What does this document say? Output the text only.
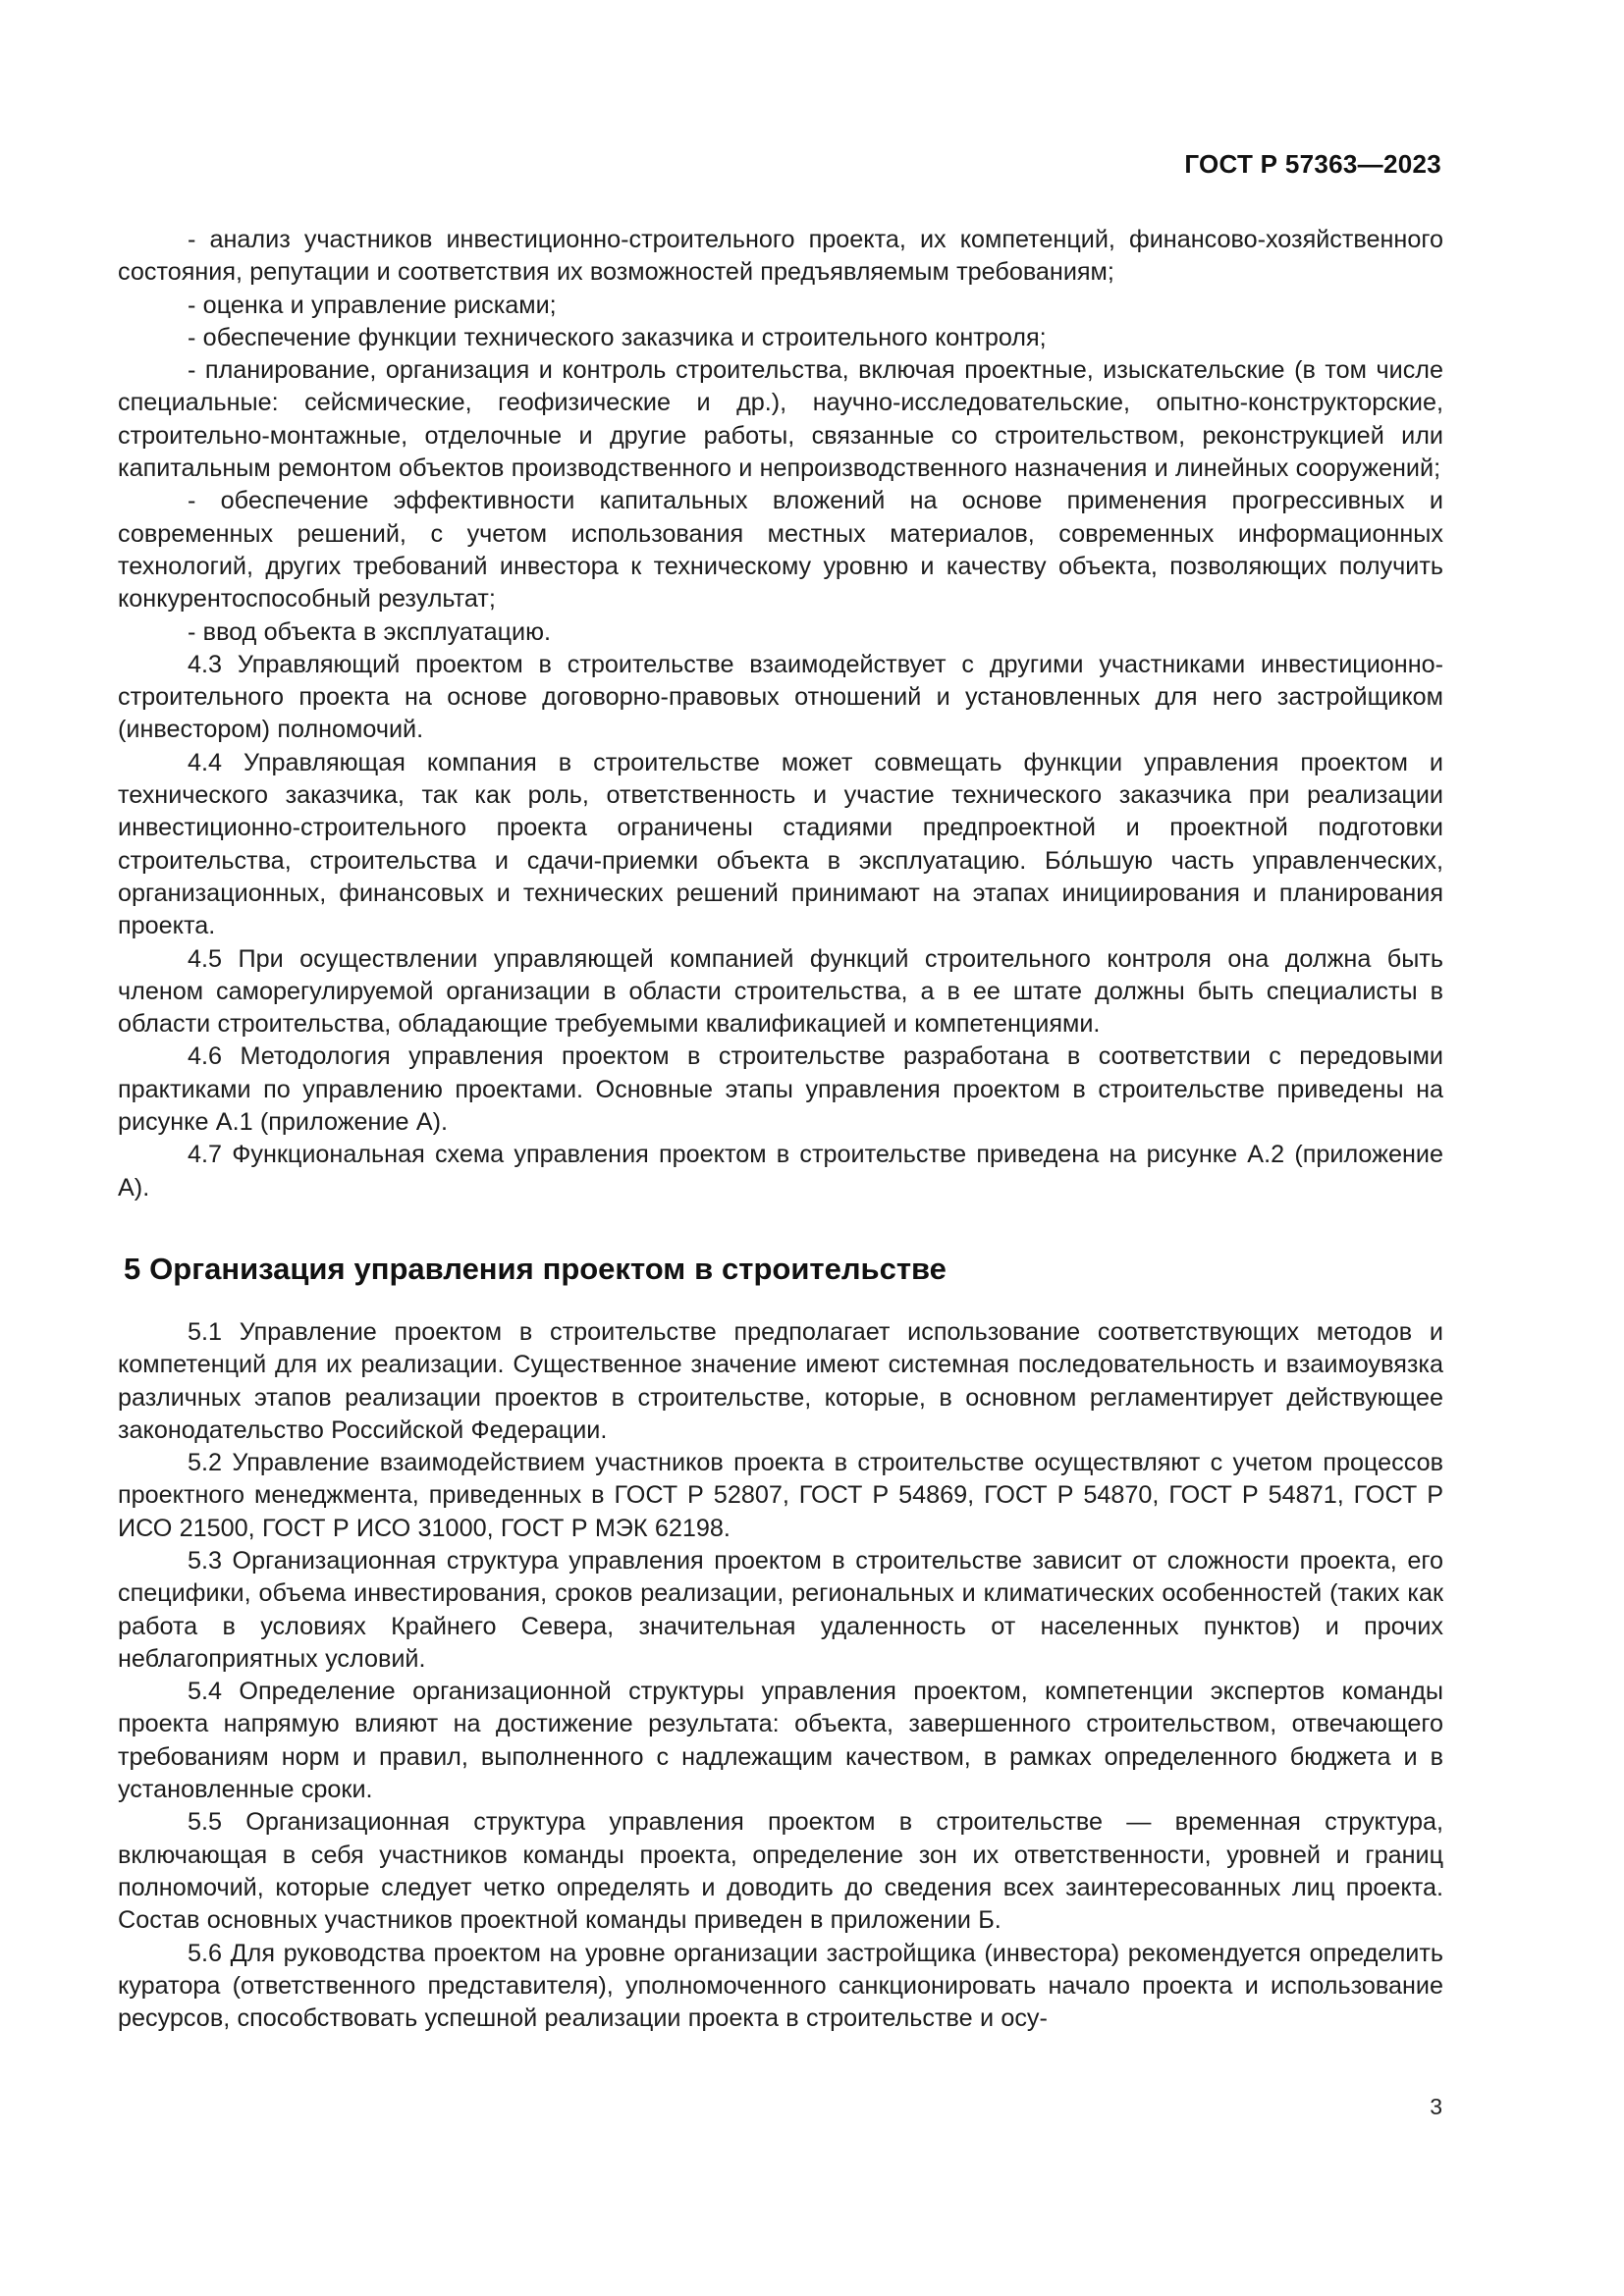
ГОСТ Р 57363—2023

- анализ участников инвестиционно-строительного проекта, их компетенций, финансово-хозяйственного состояния, репутации и соответствия их возможностей предъявляемым требованиям;

- оценка и управление рисками;

- обеспечение функции технического заказчика и строительного контроля;

- планирование, организация и контроль строительства, включая проектные, изыскательские (в том числе специальные: сейсмические, геофизические и др.), научно-исследовательские, опытно-конструкторские, строительно-монтажные, отделочные и другие работы, связанные со строительством, реконструкцией или капитальным ремонтом объектов производственного и непроизводственного назначения и линейных сооружений;

- обеспечение эффективности капитальных вложений на основе применения прогрессивных и современных решений, с учетом использования местных материалов, современных информационных технологий, других требований инвестора к техническому уровню и качеству объекта, позволяющих получить конкурентоспособный результат;

- ввод объекта в эксплуатацию.

4.3 Управляющий проектом в строительстве взаимодействует с другими участниками инвестиционно-строительного проекта на основе договорно-правовых отношений и установленных для него застройщиком (инвестором) полномочий.

4.4 Управляющая компания в строительстве может совмещать функции управления проектом и технического заказчика, так как роль, ответственность и участие технического заказчика при реализации инвестиционно-строительного проекта ограничены стадиями предпроектной и проектной подготовки строительства, строительства и сдачи-приемки объекта в эксплуатацию. Бо́льшую часть управленческих, организационных, финансовых и технических решений принимают на этапах инициирования и планирования проекта.

4.5 При осуществлении управляющей компанией функций строительного контроля она должна быть членом саморегулируемой организации в области строительства, а в ее штате должны быть специалисты в области строительства, обладающие требуемыми квалификацией и компетенциями.

4.6 Методология управления проектом в строительстве разработана в соответствии с передовыми практиками по управлению проектами. Основные этапы управления проектом в строительстве приведены на рисунке А.1 (приложение А).

4.7 Функциональная схема управления проектом в строительстве приведена на рисунке А.2 (приложение А).

5 Организация управления проектом в строительстве

5.1 Управление проектом в строительстве предполагает использование соответствующих методов и компетенций для их реализации. Существенное значение имеют системная последовательность и взаимоувязка различных этапов реализации проектов в строительстве, которые, в основном регламентирует действующее законодательство Российской Федерации.

5.2 Управление взаимодействием участников проекта в строительстве осуществляют с учетом процессов проектного менеджмента, приведенных в ГОСТ Р 52807, ГОСТ Р 54869, ГОСТ Р 54870, ГОСТ Р 54871, ГОСТ Р ИСО 21500, ГОСТ Р ИСО 31000, ГОСТ Р МЭК 62198.

5.3 Организационная структура управления проектом в строительстве зависит от сложности проекта, его специфики, объема инвестирования, сроков реализации, региональных и климатических особенностей (таких как работа в условиях Крайнего Севера, значительная удаленность от населенных пунктов) и прочих неблагоприятных условий.

5.4 Определение организационной структуры управления проектом, компетенции экспертов команды проекта напрямую влияют на достижение результата: объекта, завершенного строительством, отвечающего требованиям норм и правил, выполненного с надлежащим качеством, в рамках определенного бюджета и в установленные сроки.

5.5 Организационная структура управления проектом в строительстве — временная структура, включающая в себя участников команды проекта, определение зон их ответственности, уровней и границ полномочий, которые следует четко определять и доводить до сведения всех заинтересованных лиц проекта. Состав основных участников проектной команды приведен в приложении Б.

5.6 Для руководства проектом на уровне организации застройщика (инвестора) рекомендуется определить куратора (ответственного представителя), уполномоченного санкционировать начало проекта и использование ресурсов, способствовать успешной реализации проекта в строительстве и осу-

3
